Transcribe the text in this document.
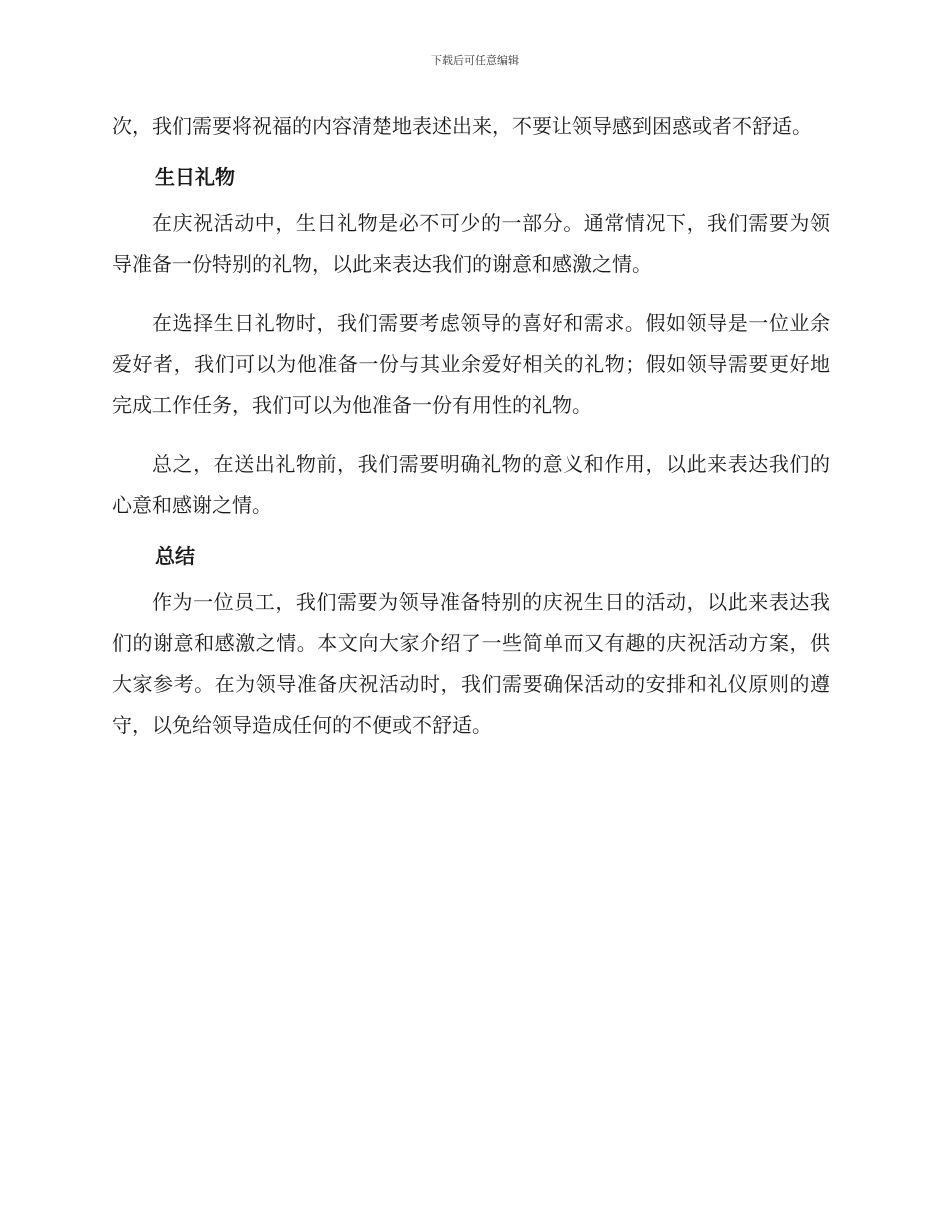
下载后可任意编辑

次，我们需要将祝福的内容清楚地表述出来，不要让领导感到困惑或者不舒适。

生日礼物

在庆祝活动中，生日礼物是必不可少的一部分。通常情况下，我们需要为领导准备一份特别的礼物，以此来表达我们的谢意和感激之情。

在选择生日礼物时，我们需要考虑领导的喜好和需求。假如领导是一位业余爱好者，我们可以为他准备一份与其业余爱好相关的礼物；假如领导需要更好地完成工作任务，我们可以为他准备一份有用性的礼物。

总之，在送出礼物前，我们需要明确礼物的意义和作用，以此来表达我们的心意和感谢之情。

总结

作为一位员工，我们需要为领导准备特别的庆祝生日的活动，以此来表达我们的谢意和感激之情。本文向大家介绍了一些简单而又有趣的庆祝活动方案，供大家参考。在为领导准备庆祝活动时，我们需要确保活动的安排和礼仪原则的遵守，以免给领导造成任何的不便或不舒适。
